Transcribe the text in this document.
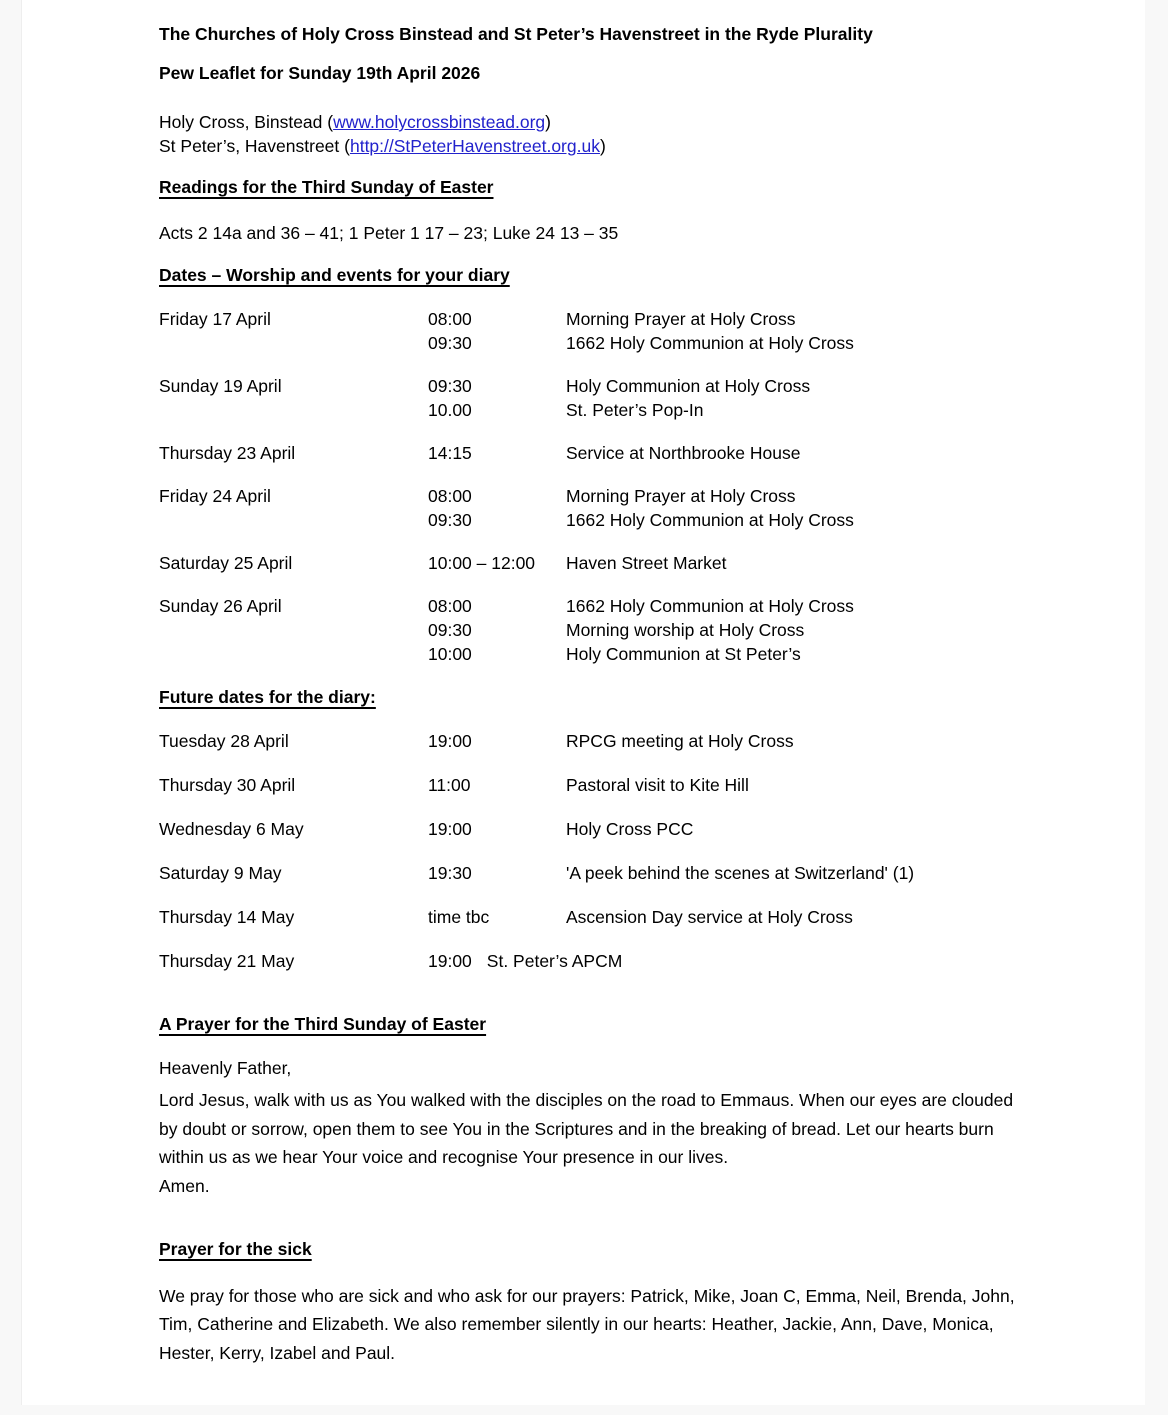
The Churches of Holy Cross Binstead and St Peter’s Havenstreet in the Ryde Plurality

Pew Leaflet for Sunday 19th April 2026

Holy Cross, Binstead (www.holycrossbinstead.org)
St Peter’s, Havenstreet (http://StPeterHavenstreet.org.uk)

Readings for the Third Sunday of Easter

Acts 2 14a and 36 – 41; 1 Peter 1 17 – 23; Luke 24 13 – 35

Dates – Worship and events for your diary
Friday 17 April	08:00	Morning Prayer at Holy Cross
09:30	1662 Holy Communion at Holy Cross
Sunday 19 April	09:30	Holy Communion at Holy Cross
10.00	St. Peter’s Pop-In
Thursday 23 April	14:15	Service at Northbrooke House
Friday 24 April	08:00	Morning Prayer at Holy Cross
09:30	1662 Holy Communion at Holy Cross
Saturday 25 April	10:00 – 12:00	Haven Street Market
Sunday 26 April	08:00	1662 Holy Communion at Holy Cross
09:30	Morning worship at Holy Cross
10:00	Holy Communion at St Peter’s
Future dates for the diary:
Tuesday 28 April	19:00	RPCG meeting at Holy Cross
Thursday 30 April	11:00	Pastoral visit to Kite Hill
Wednesday 6 May	19:00	Holy Cross PCC
Saturday 9 May	19:30	'A peek behind the scenes at Switzerland' (1)
Thursday 14 May	time tbc	Ascension Day service at Holy Cross
Thursday 21 May	19:00 St. Peter’s APCM
A Prayer for the Third Sunday of Easter

Heavenly Father,

Lord Jesus, walk with us as You walked with the disciples on the road to Emmaus. When our eyes are clouded by doubt or sorrow, open them to see You in the Scriptures and in the breaking of bread. Let our hearts burn within us as we hear Your voice and recognise Your presence in our lives.

Amen.

Prayer for the sick

We pray for those who are sick and who ask for our prayers: Patrick, Mike, Joan C, Emma, Neil, Brenda, John, Tim, Catherine and Elizabeth. We also remember silently in our hearts: Heather, Jackie, Ann, Dave, Monica, Hester, Kerry, Izabel and Paul.
